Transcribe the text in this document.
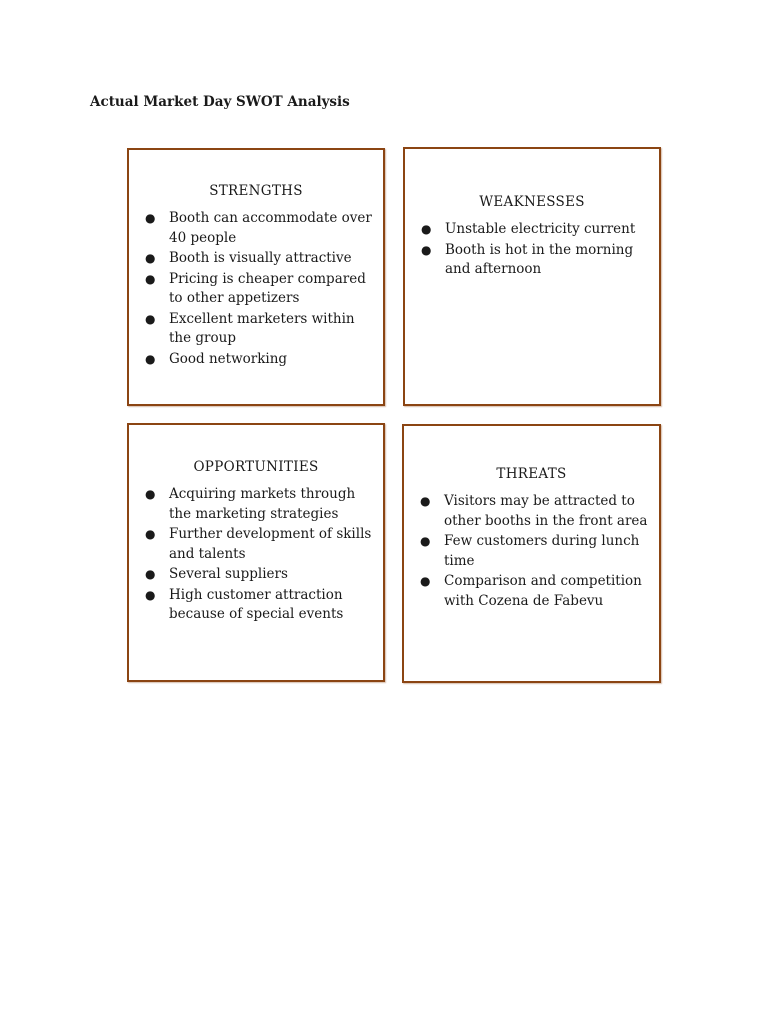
Actual Market Day SWOT Analysis
STRENGTHS
● Booth can accommodate over 40 people
● Booth is visually attractive
● Pricing is cheaper compared to other appetizers
● Excellent marketers within the group
● Good networking
WEAKNESSES
● Unstable electricity current
● Booth is hot in the morning and afternoon
OPPORTUNITIES
● Acquiring markets through the marketing strategies
● Further development of skills and talents
● Several suppliers
● High customer attraction because of special events
THREATS
● Visitors may be attracted to other booths in the front area
● Few customers during lunch time
● Comparison and competition with Cozena de Fabevu
